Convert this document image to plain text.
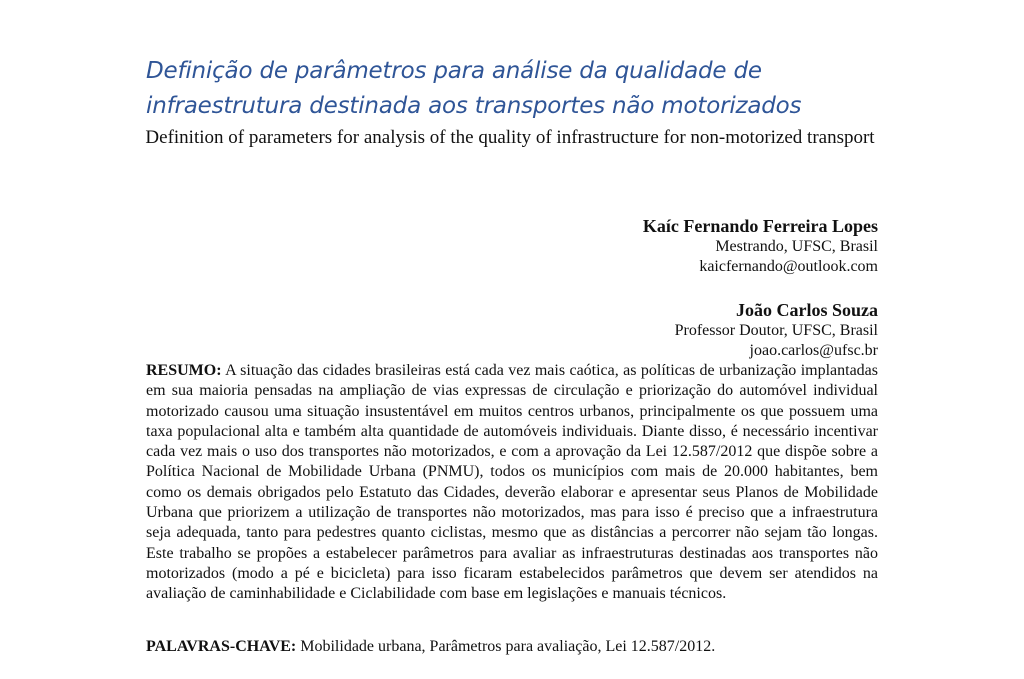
Definição de parâmetros para análise da qualidade de
infraestrutura destinada aos transportes não motorizados
Definition of parameters for analysis of the quality of infrastructure for non-motorized transport
Kaíc Fernando Ferreira Lopes
Mestrando, UFSC, Brasil
kaicfernando@outlook.com
João Carlos Souza
Professor Doutor, UFSC, Brasil
joao.carlos@ufsc.br

RESUMO: A situação das cidades brasileiras está cada vez mais caótica, as políticas de urbanização implantadas em sua maioria pensadas na ampliação de vias expressas de circulação e priorização do automóvel individual motorizado causou uma situação insustentável em muitos centros urbanos, principalmente os que possuem uma taxa populacional alta e também alta quantidade de automóveis individuais. Diante disso, é necessário incentivar cada vez mais o uso dos transportes não motorizados, e com a aprovação da Lei 12.587/2012 que dispõe sobre a Política Nacional de Mobilidade Urbana (PNMU), todos os municípios com mais de 20.000 habitantes, bem como os demais obrigados pelo Estatuto das Cidades, deverão elaborar e apresentar seus Planos de Mobilidade Urbana que priorizem a utilização de transportes não motorizados, mas para isso é preciso que a infraestrutura seja adequada, tanto para pedestres quanto ciclistas, mesmo que as distâncias a percorrer não sejam tão longas. Este trabalho se propões a estabelecer parâmetros para avaliar as infraestruturas destinadas aos transportes não motorizados (modo a pé e bicicleta) para isso ficaram estabelecidos parâmetros que devem ser atendidos na avaliação de caminhabilidade e Ciclabilidade com base em legislações e manuais técnicos.

PALAVRAS-CHAVE: Mobilidade urbana, Parâmetros para avaliação, Lei 12.587/2012.
